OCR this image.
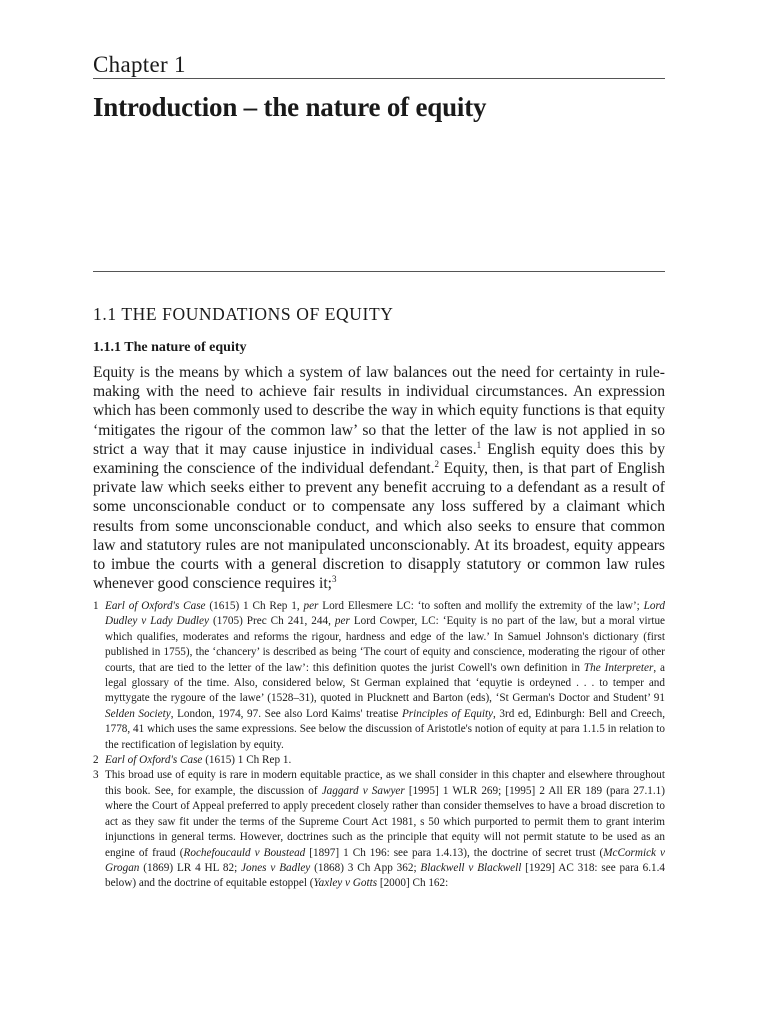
Chapter 1
Introduction – the nature of equity
1.1 THE FOUNDATIONS OF EQUITY
1.1.1 The nature of equity

Equity is the means by which a system of law balances out the need for certainty in rule-making with the need to achieve fair results in individual circumstances. An expression which has been commonly used to describe the way in which equity functions is that equity ‘mitigates the rigour of the common law’ so that the letter of the law is not applied in so strict a way that it may cause injustice in individual cases.$^1$ English equity does this by examining the conscience of the individual defendant.$^2$ Equity, then, is that part of English private law which seeks either to prevent any benefit accruing to a defendant as a result of some unconscionable conduct or to compensate any loss suffered by a claimant which results from some unconscionable conduct, and which also seeks to ensure that common law and statutory rules are not manipulated unconscionably. At its broadest, equity appears to imbue the courts with a general discretion to disapply statutory or common law rules whenever good conscience requires it;$^3$

1 Earl of Oxford's Case (1615) 1 Ch Rep 1, per Lord Ellesmere LC: ‘to soften and mollify the extremity of the law’; Lord Dudley v Lady Dudley (1705) Prec Ch 241, 244, per Lord Cowper, LC: ‘Equity is no part of the law, but a moral virtue which qualifies, moderates and reforms the rigour, hardness and edge of the law.’ In Samuel Johnson's dictionary (first published in 1755), the ‘chancery’ is described as being ‘The court of equity and conscience, moderating the rigour of other courts, that are tied to the letter of the law’: this definition quotes the jurist Cowell's own definition in The Interpreter, a legal glossary of the time. Also, considered below, St German explained that ‘equytie is ordeyned . . . to temper and myttygate the rygoure of the lawe’ (1528–31), quoted in Plucknett and Barton (eds), ‘St German's Doctor and Student’ 91 Selden Society, London, 1974, 97. See also Lord Kaims' treatise Principles of Equity, 3rd ed, Edinburgh: Bell and Creech, 1778, 41 which uses the same expressions. See below the discussion of Aristotle's notion of equity at para 1.1.5 in relation to the rectification of legislation by equity.
2 Earl of Oxford's Case (1615) 1 Ch Rep 1.
3 This broad use of equity is rare in modern equitable practice, as we shall consider in this chapter and elsewhere throughout this book. See, for example, the discussion of Jaggard v Sawyer [1995] 1 WLR 269; [1995] 2 All ER 189 (para 27.1.1) where the Court of Appeal preferred to apply precedent closely rather than consider themselves to have a broad discretion to act as they saw fit under the terms of the Supreme Court Act 1981, s 50 which purported to permit them to grant interim injunctions in general terms. However, doctrines such as the principle that equity will not permit statute to be used as an engine of fraud (Rochefoucauld v Boustead [1897] 1 Ch 196: see para 1.4.13), the doctrine of secret trust (McCormick v Grogan (1869) LR 4 HL 82; Jones v Badley (1868) 3 Ch App 362; Blackwell v Blackwell [1929] AC 318: see para 6.1.4 below) and the doctrine of equitable estoppel (Yaxley v Gotts [2000] Ch 162:
